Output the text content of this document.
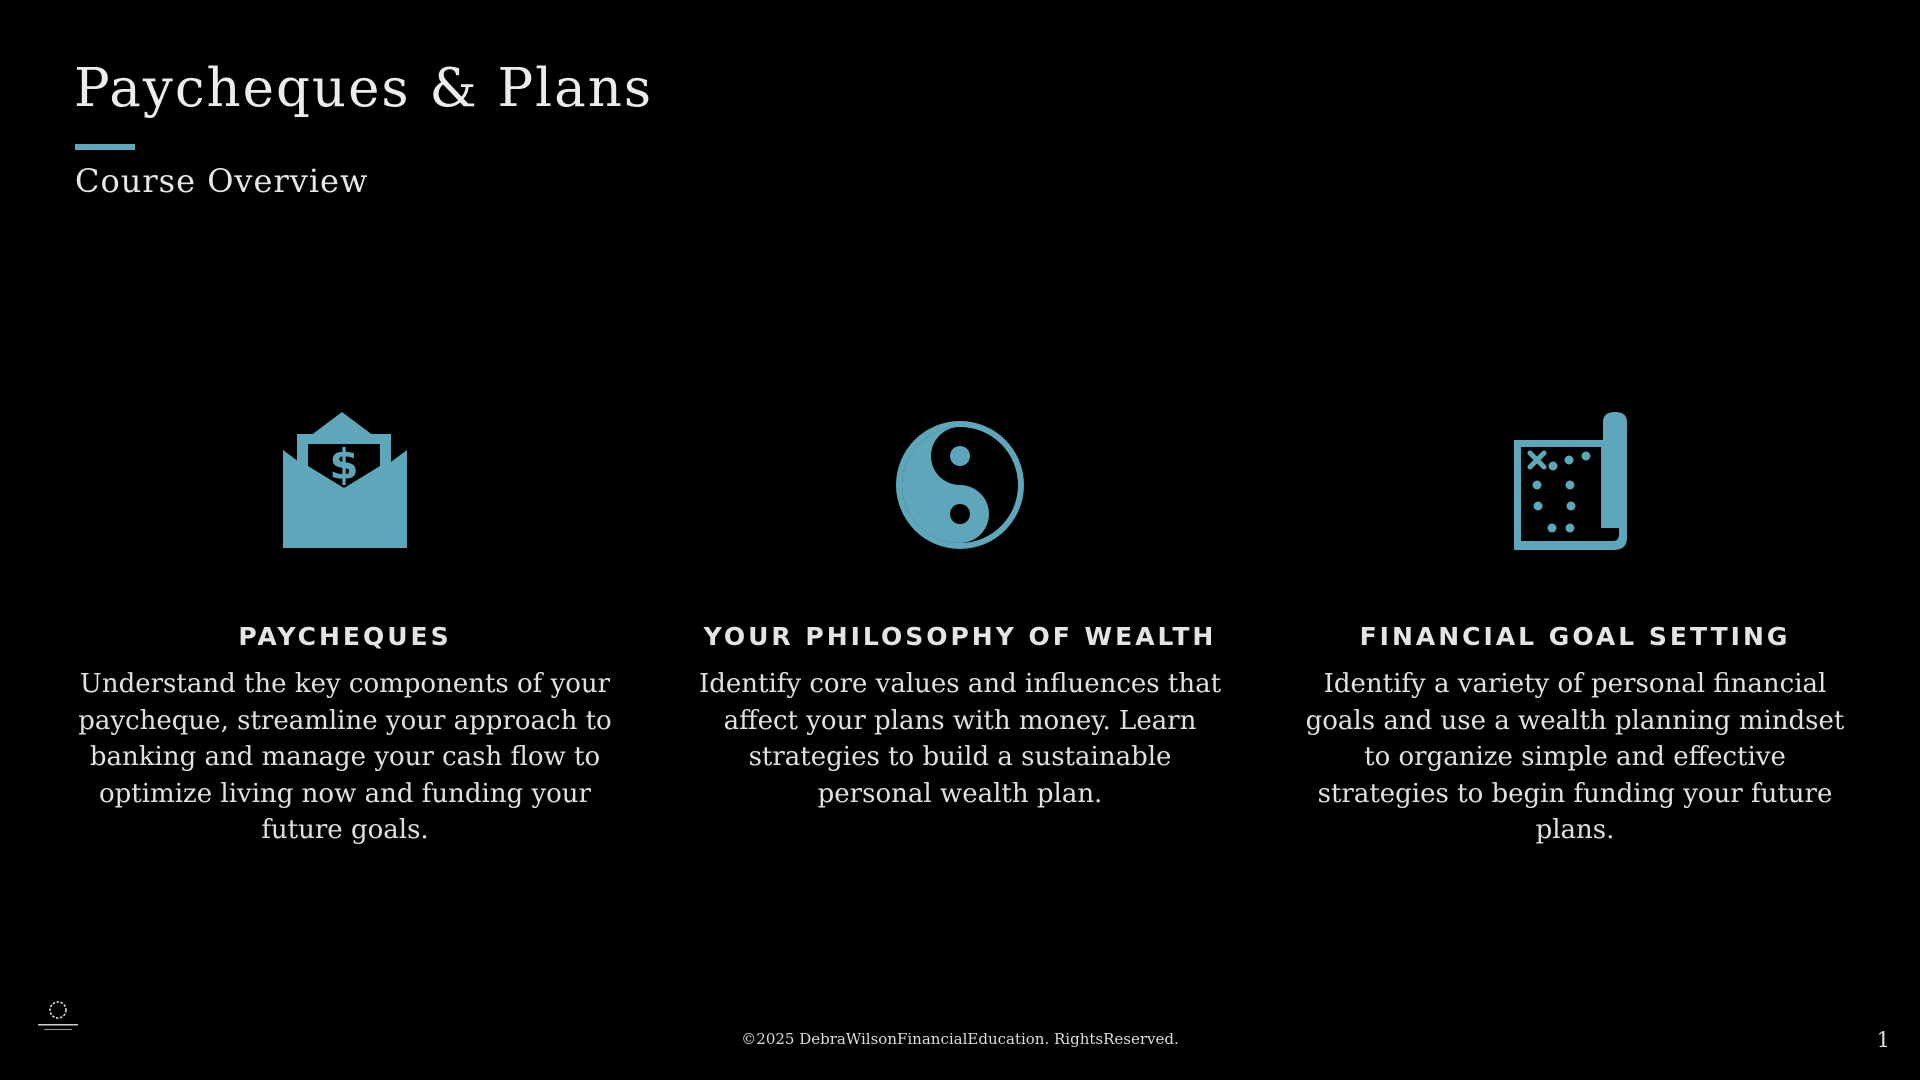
Paycheques & Plans
Course Overview
$
PAYCHEQUES
Understand the key components of your paycheque, streamline your approach to banking and manage your cash flow to optimize living now and funding your future goals.
YOUR PHILOSOPHY OF WEALTH
Identify core values and influences that affect your plans with money. Learn strategies to build a sustainable personal wealth plan.
FINANCIAL GOAL SETTING
Identify a variety of personal financial goals and use a wealth planning mindset to organize simple and effective strategies to begin funding your future plans.
©2025 DebraWilsonFinancialEducation. RightsReserved.	1
